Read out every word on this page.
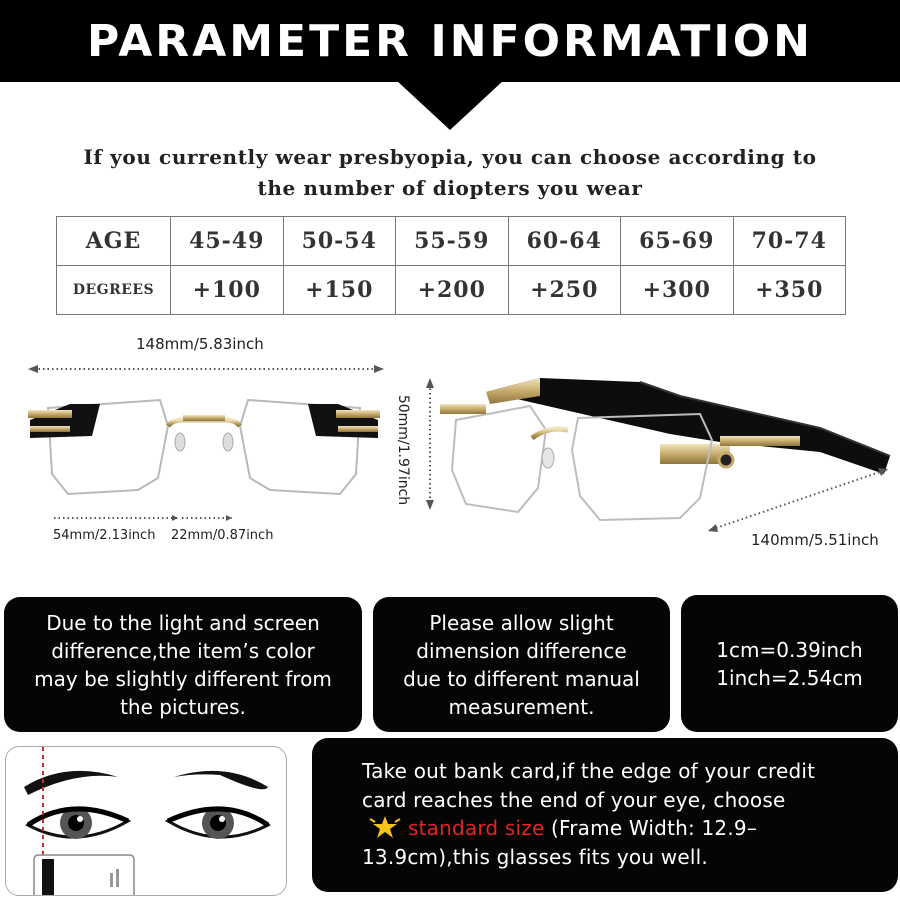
PARAMETER INFORMATION
If you currently wear presbyopia, you can choose according to
the number of diopters you wear
AGE	45-49	50-54	55-59	60-64	65-69	70-74
DEGREES	+100	+150	+200	+250	+300	+350
148mm/5.83inch
54mm/2.13inch 22mm/0.87inch
50mm/1.97inch
140mm/5.51inch

Due to the light and screen
difference,the item’s color
may be slightly different from
the pictures.

Please allow slight
dimension difference
due to different manual
measurement.

1cm=0.39inch
1inch=2.54cm

Take out bank card,if the edge of your credit
card reaches the end of your eye, choose
standard size (Frame Width: 12.9–
13.9cm),this glasses fits you well.
